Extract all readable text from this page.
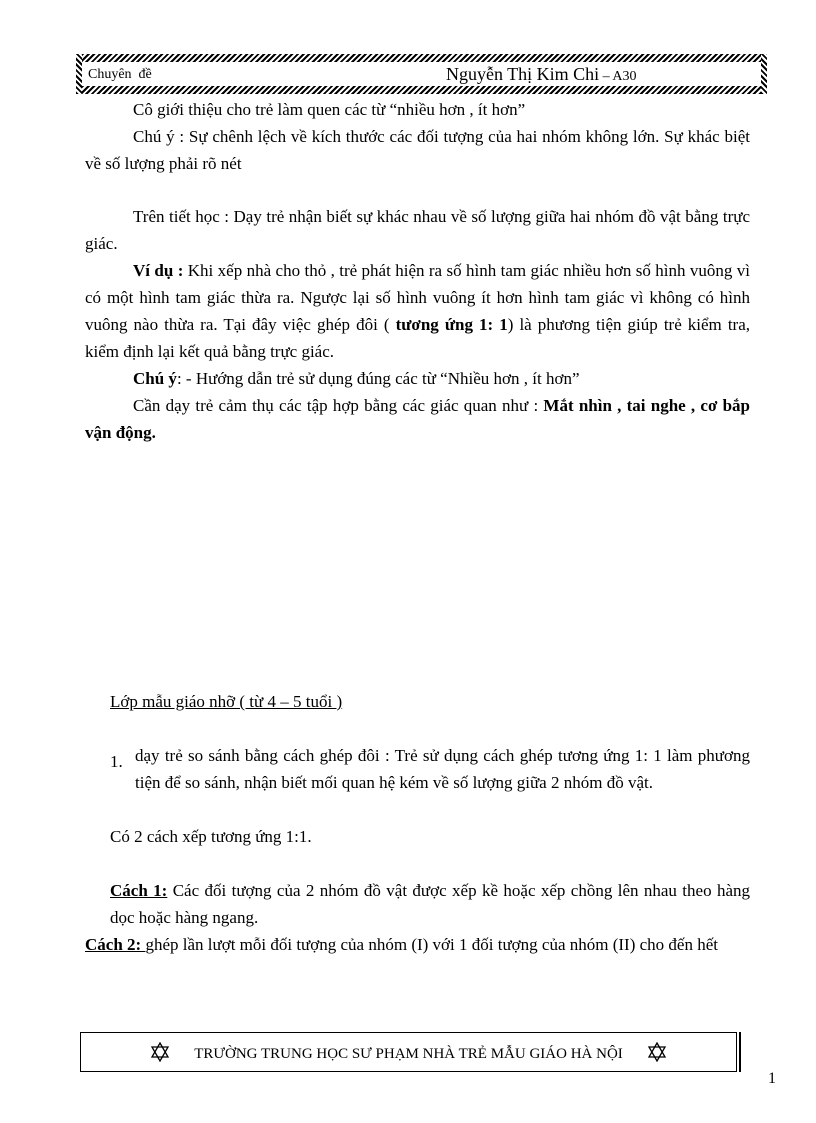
Chuyên  đề	Nguyễn Thị Kim Chi – A30

Cô giới thiệu cho trẻ làm quen các từ “nhiều hơn , ít hơn”

Chú ý : Sự chênh lệch về kích thước các đối tượng của hai nhóm không lớn. Sự khác biệt về số lượng phải rõ nét

Trên tiết học : Dạy trẻ nhận biết sự khác nhau về số lượng giữa hai nhóm đồ vật bằng trực giác.

Ví dụ : Khi xếp nhà cho thỏ , trẻ phát hiện ra số hình tam giác nhiều hơn số hình vuông vì có một hình tam giác thừa ra. Ngược lại số hình vuông ít hơn hình tam giác vì không có hình vuông nào thừa ra. Tại đây việc ghép đôi ( tương ứng 1: 1) là phương tiện giúp trẻ kiểm tra, kiểm định lại kết quả bằng trực giác.

Chú ý: - Hướng dẫn trẻ sử dụng đúng các từ “Nhiều hơn , ít hơn”

Cần dạy trẻ cảm thụ các tập hợp bằng các giác quan như : Mắt nhìn , tai nghe , cơ bắp vận động.

Lớp mẫu giáo nhỡ ( từ 4 – 5 tuổi )

1. dạy trẻ so sánh bằng cách ghép đôi : Trẻ sử dụng cách ghép tương ứng 1: 1 làm phương tiện để so sánh, nhận biết mối quan hệ kém về số lượng giữa 2 nhóm đồ vật.

Có 2 cách xếp tương ứng 1:1.

Cách 1: Các đối tượng của 2 nhóm đồ vật được xếp kề hoặc xếp chồng lên nhau theo hàng dọc hoặc hàng ngang.

Cách 2: ghép lần lượt mỗi đối tượng của nhóm (I) với 1 đối tượng của nhóm (II) cho đến hết

TRƯỜNG TRUNG HỌC SƯ PHẠM NHÀ TRẺ MẪU GIÁO HÀ NỘI
1
